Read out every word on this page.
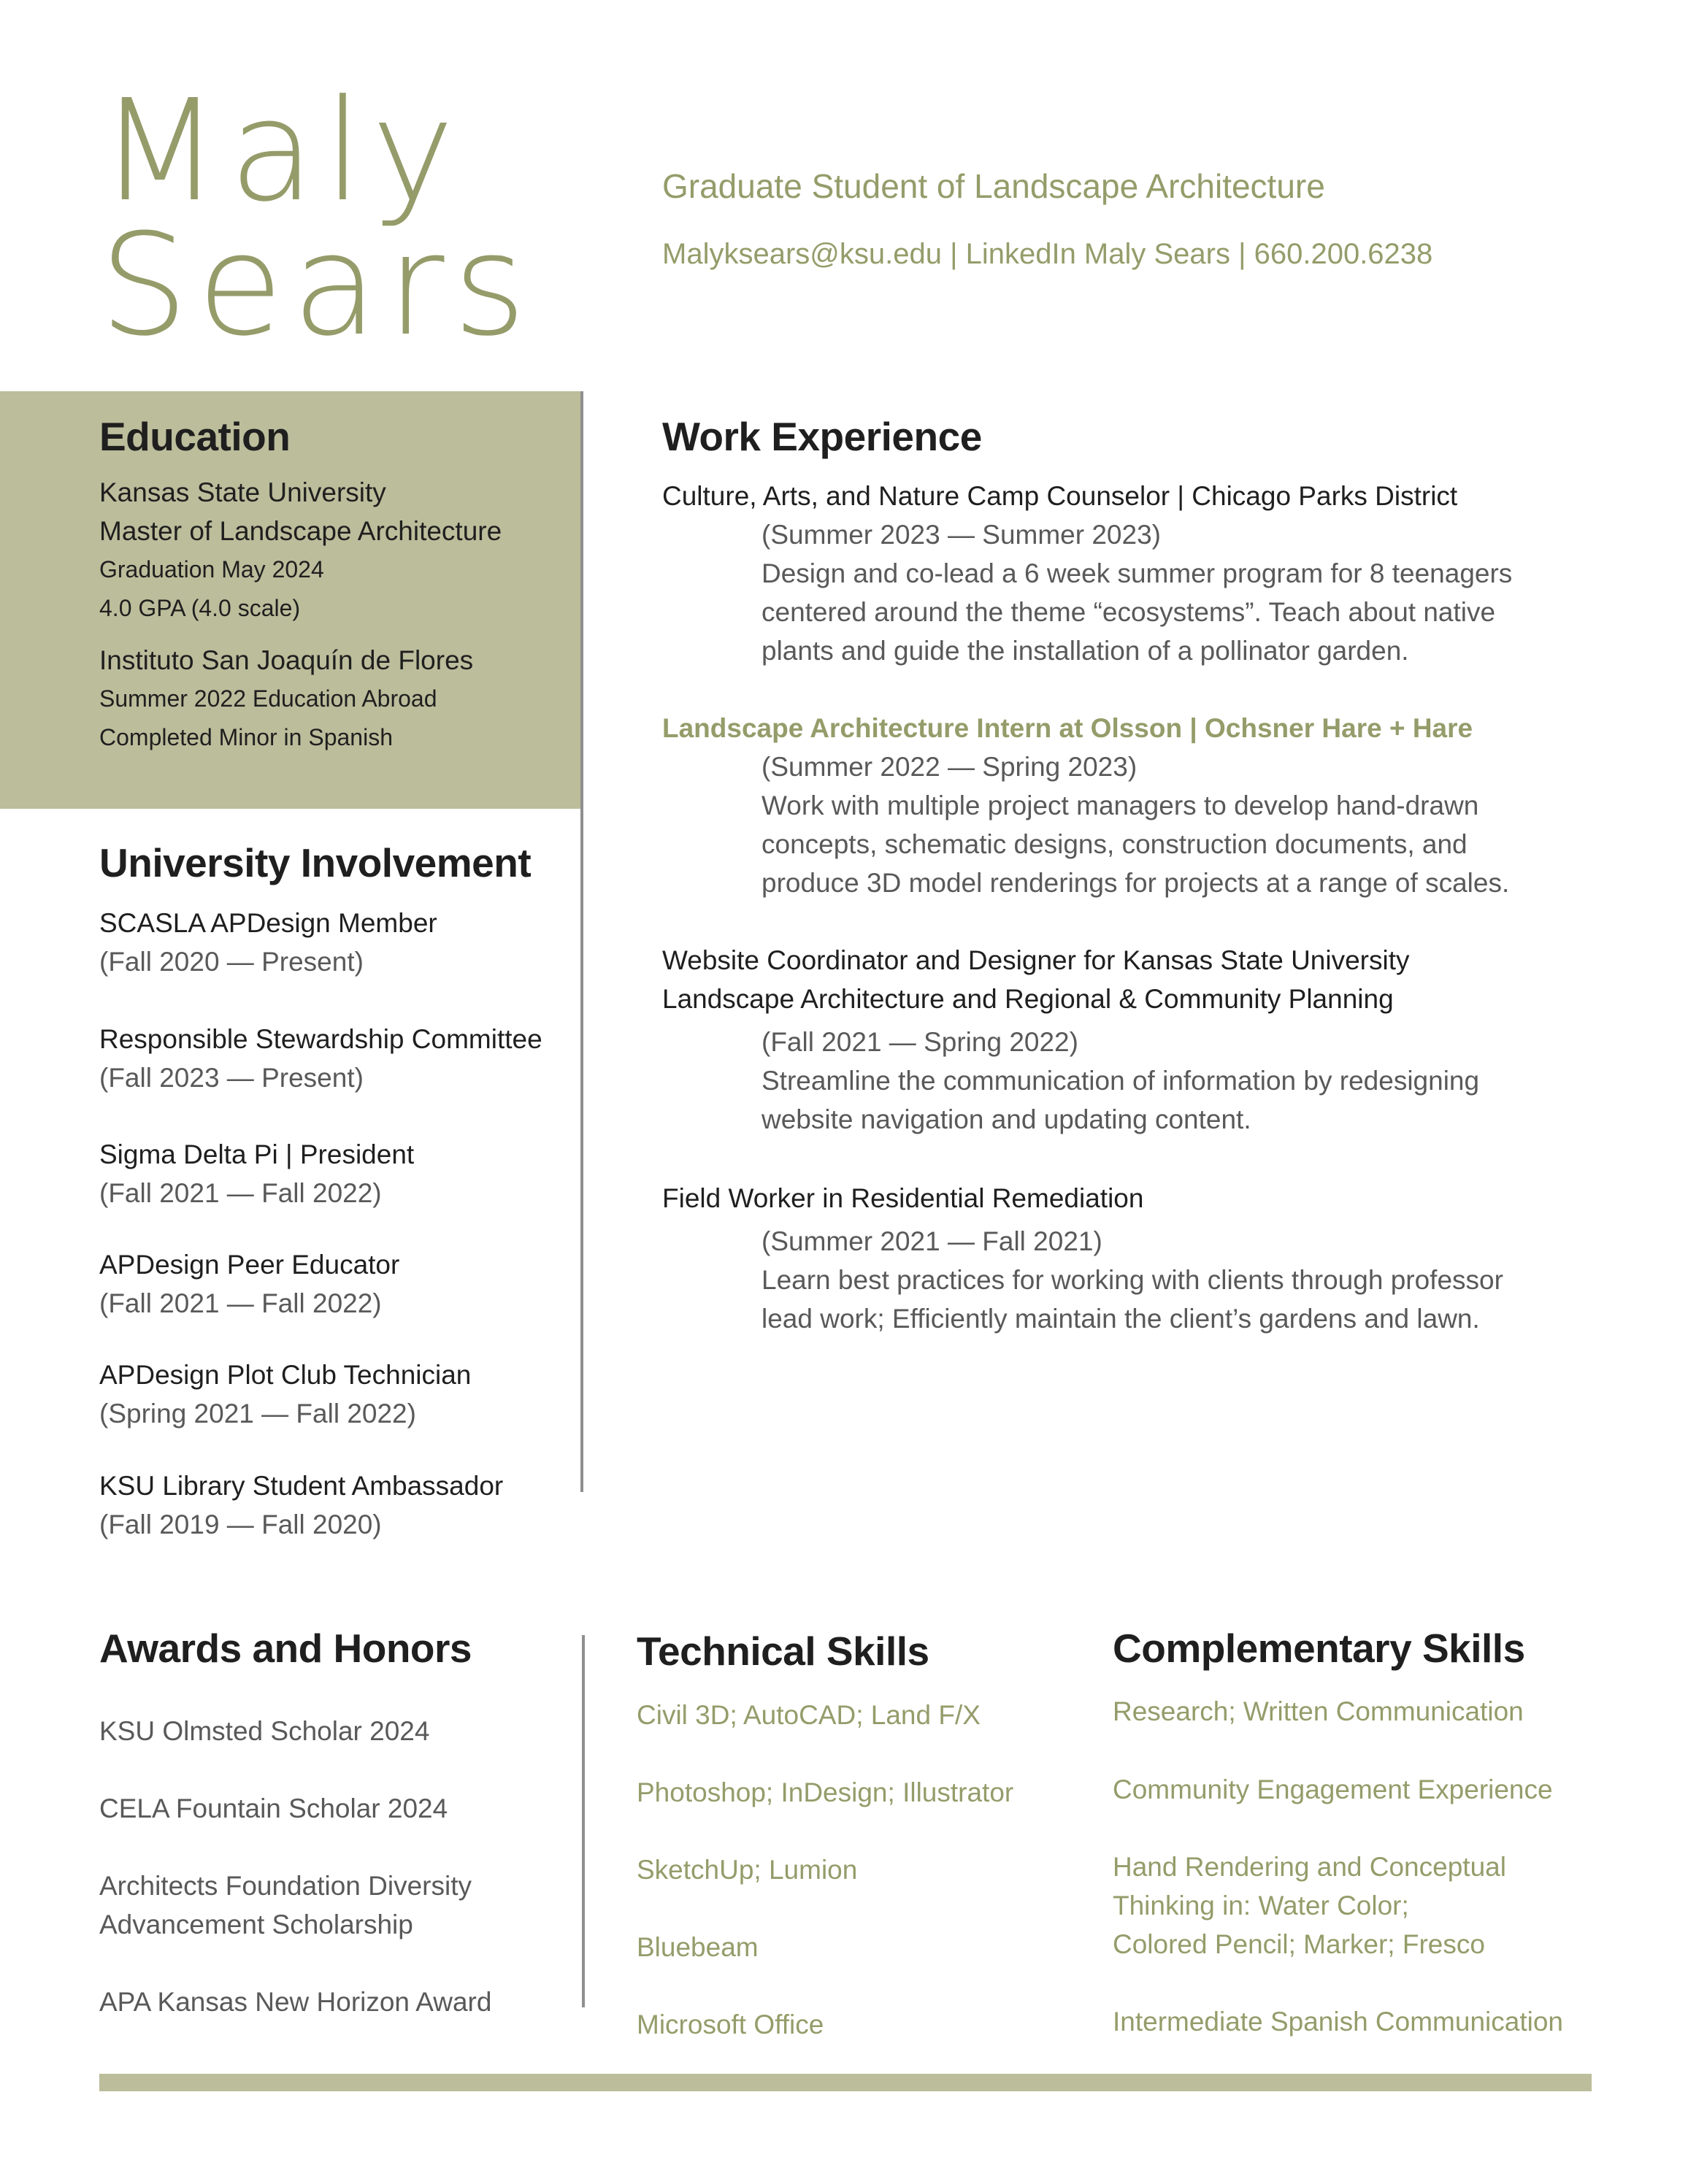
Maly
Sears
Graduate Student of Landscape Architecture
Malyksears@ksu.edu | LinkedIn Maly Sears | 660.200.6238
Education
Kansas State University
Master of Landscape Architecture
Graduation May 2024
4.0 GPA (4.0 scale)
Instituto San Joaquín de Flores
Summer 2022 Education Abroad
Completed Minor in Spanish
University Involvement
SCASLA APDesign Member
(Fall 2020 — Present)
Responsible Stewardship Committee
(Fall 2023 — Present)
Sigma Delta Pi | President
(Fall 2021 — Fall 2022)
APDesign Peer Educator
(Fall 2021 — Fall 2022)
APDesign Plot Club Technician
(Spring 2021 — Fall 2022)
KSU Library Student Ambassador
(Fall 2019 — Fall 2020)
Work Experience
Culture, Arts, and Nature Camp Counselor | Chicago Parks District
(Summer 2023 — Summer 2023)
Design and co-lead a 6 week summer program for 8 teenagers
centered around the theme “ecosystems”. Teach about native
plants and guide the installation of a pollinator garden.
Landscape Architecture Intern at Olsson | Ochsner Hare + Hare
(Summer 2022 — Spring 2023)
Work with multiple project managers to develop hand-drawn
concepts, schematic designs, construction documents, and
produce 3D model renderings for projects at a range of scales.
Website Coordinator and Designer for Kansas State University
Landscape Architecture and Regional & Community Planning
(Fall 2021 — Spring 2022)
Streamline the communication of information by redesigning
website navigation and updating content.
Field Worker in Residential Remediation
(Summer 2021 — Fall 2021)
Learn best practices for working with clients through professor
lead work; Efficiently maintain the client’s gardens and lawn.
Awards and Honors
KSU Olmsted Scholar 2024
CELA Fountain Scholar 2024
Architects Foundation Diversity
Advancement Scholarship
APA Kansas New Horizon Award
Technical Skills
Civil 3D; AutoCAD; Land F/X
Photoshop; InDesign; Illustrator
SketchUp; Lumion
Bluebeam
Microsoft Office
Complementary Skills
Research; Written Communication
Community Engagement Experience
Hand Rendering and Conceptual
Thinking in: Water Color;
Colored Pencil; Marker; Fresco
Intermediate Spanish Communication
